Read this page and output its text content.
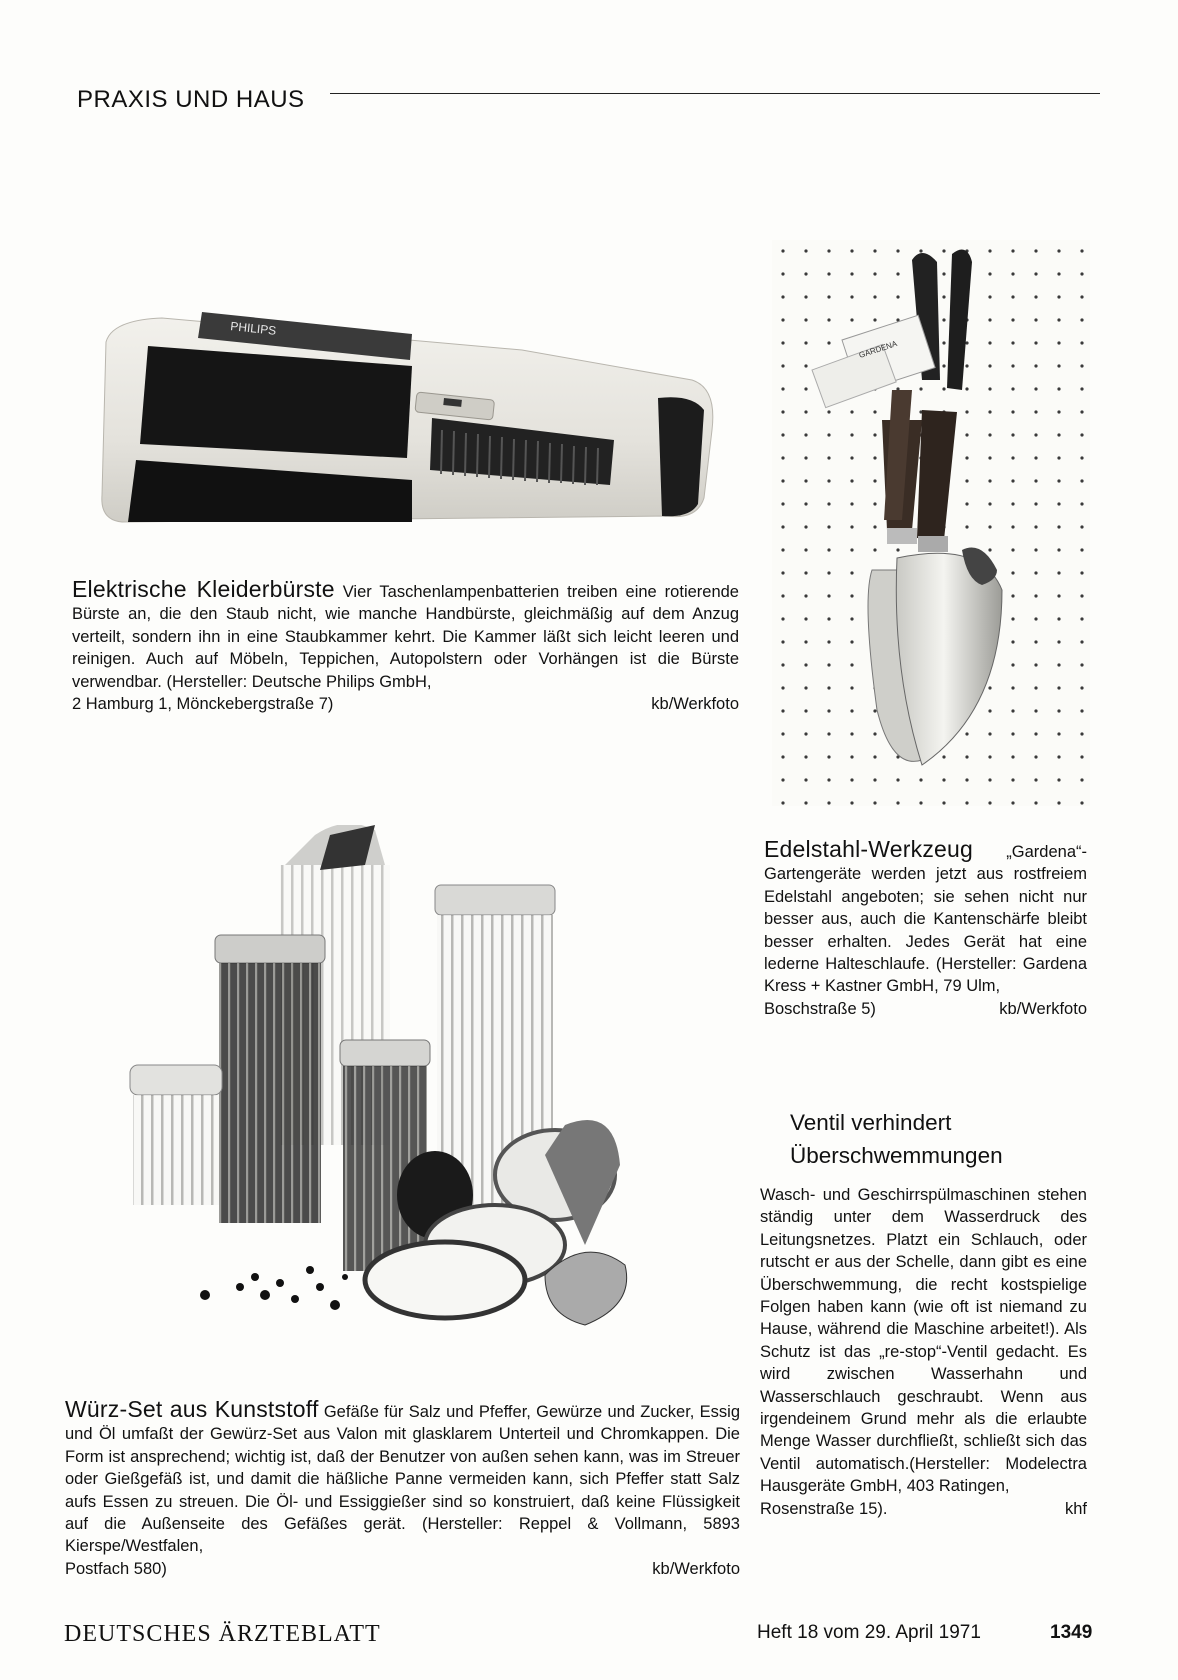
PRAXIS UND HAUS
PHILIPS
GARDENA
Elektrische Kleiderbürste Vier Taschenlampenbatterien treiben eine rotierende Bürste an, die den Staub nicht, wie manche Handbürste, gleichmäßig auf dem Anzug verteilt, sondern ihn in eine Staubkammer kehrt. Die Kammer läßt sich leicht leeren und reinigen. Auch auf Möbeln, Teppichen, Autopolstern oder Vorhängen ist die Bürste verwendbar. (Hersteller: Deutsche Philips GmbH,
2 Hamburg 1, Mönckebergstraße 7)	kb/Werkfoto
Edelstahl-Werkzeug „Gardena“-Gartengeräte werden jetzt aus rostfreiem Edelstahl angeboten; sie sehen nicht nur besser aus, auch die Kantenschärfe bleibt besser erhalten. Jedes Gerät hat eine lederne Halteschlaufe. (Hersteller: Gardena Kress + Kastner GmbH, 79 Ulm,
Boschstraße 5)	kb/Werkfoto
Ventil verhindert
Überschwemmungen
Wasch- und Geschirrspülmaschinen stehen ständig unter dem Wasserdruck des Leitungsnetzes. Platzt ein Schlauch, oder rutscht er aus der Schelle, dann gibt es eine Überschwemmung, die recht kostspielige Folgen haben kann (wie oft ist niemand zu Hause, während die Maschine arbeitet!). Als Schutz ist das „re-stop“-Ventil gedacht. Es wird zwischen Wasserhahn und Wasserschlauch geschraubt. Wenn aus irgendeinem Grund mehr als die erlaubte Menge Wasser durchfließt, schließt sich das Ventil automatisch.(Hersteller: Modelectra Hausgeräte GmbH, 403 Ratingen,
Rosenstraße 15).	khf
Würz-Set aus Kunststoff Gefäße für Salz und Pfeffer, Gewürze und Zucker, Essig und Öl umfaßt der Gewürz-Set aus Valon mit glasklarem Unterteil und Chromkappen. Die Form ist ansprechend; wichtig ist, daß der Benutzer von außen sehen kann, was im Streuer oder Gießgefäß ist, und damit die häßliche Panne vermeiden kann, sich Pfeffer statt Salz aufs Essen zu streuen. Die Öl- und Essiggießer sind so konstruiert, daß keine Flüssigkeit auf die Außenseite des Gefäßes gerät. (Hersteller: Reppel & Vollmann, 5893 Kierspe/Westfalen,
Postfach 580)	kb/Werkfoto
DEUTSCHES ÄRZTEBLATT	Heft 18 vom 29. April 1971	1349
